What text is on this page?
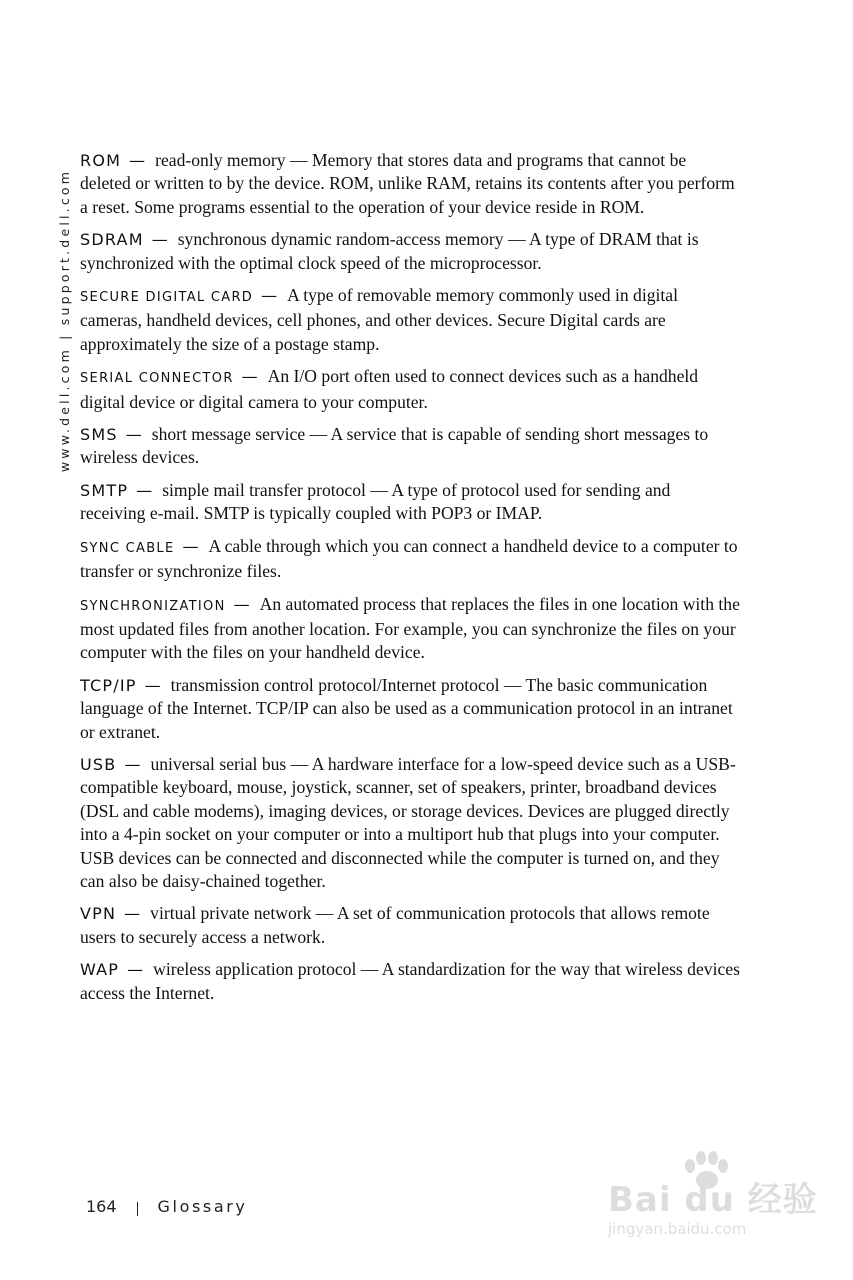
www.dell.com | support.dell.com

ROM — read-only memory — Memory that stores data and programs that cannot be deleted or written to by the device. ROM, unlike RAM, retains its contents after you perform a reset. Some programs essential to the operation of your device reside in ROM.

SDRAM — synchronous dynamic random-access memory — A type of DRAM that is synchronized with the optimal clock speed of the microprocessor.

SECURE DIGITAL CARD — A type of removable memory commonly used in digital cameras, handheld devices, cell phones, and other devices. Secure Digital cards are approximately the size of a postage stamp.

SERIAL CONNECTOR — An I/O port often used to connect devices such as a handheld digital device or digital camera to your computer.

SMS — short message service — A service that is capable of sending short messages to wireless devices.

SMTP — simple mail transfer protocol — A type of protocol used for sending and receiving e-mail. SMTP is typically coupled with POP3 or IMAP.

SYNC CABLE — A cable through which you can connect a handheld device to a computer to transfer or synchronize files.

SYNCHRONIZATION — An automated process that replaces the files in one location with the most updated files from another location. For example, you can synchronize the files on your computer with the files on your handheld device.

TCP/IP — transmission control protocol/Internet protocol — The basic communication language of the Internet. TCP/IP can also be used as a communication protocol in an intranet or extranet.

USB — universal serial bus — A hardware interface for a low-speed device such as a USB-compatible keyboard, mouse, joystick, scanner, set of speakers, printer, broadband devices (DSL and cable modems), imaging devices, or storage devices. Devices are plugged directly into a 4-pin socket on your computer or into a multiport hub that plugs into your computer. USB devices can be connected and disconnected while the computer is turned on, and they can also be daisy-chained together.

VPN — virtual private network — A set of communication protocols that allows remote users to securely access a network.

WAP — wireless application protocol — A standardization for the way that wireless devices access the Internet.

164	Glossary	Bai du 经验
jingyan.baidu.com
